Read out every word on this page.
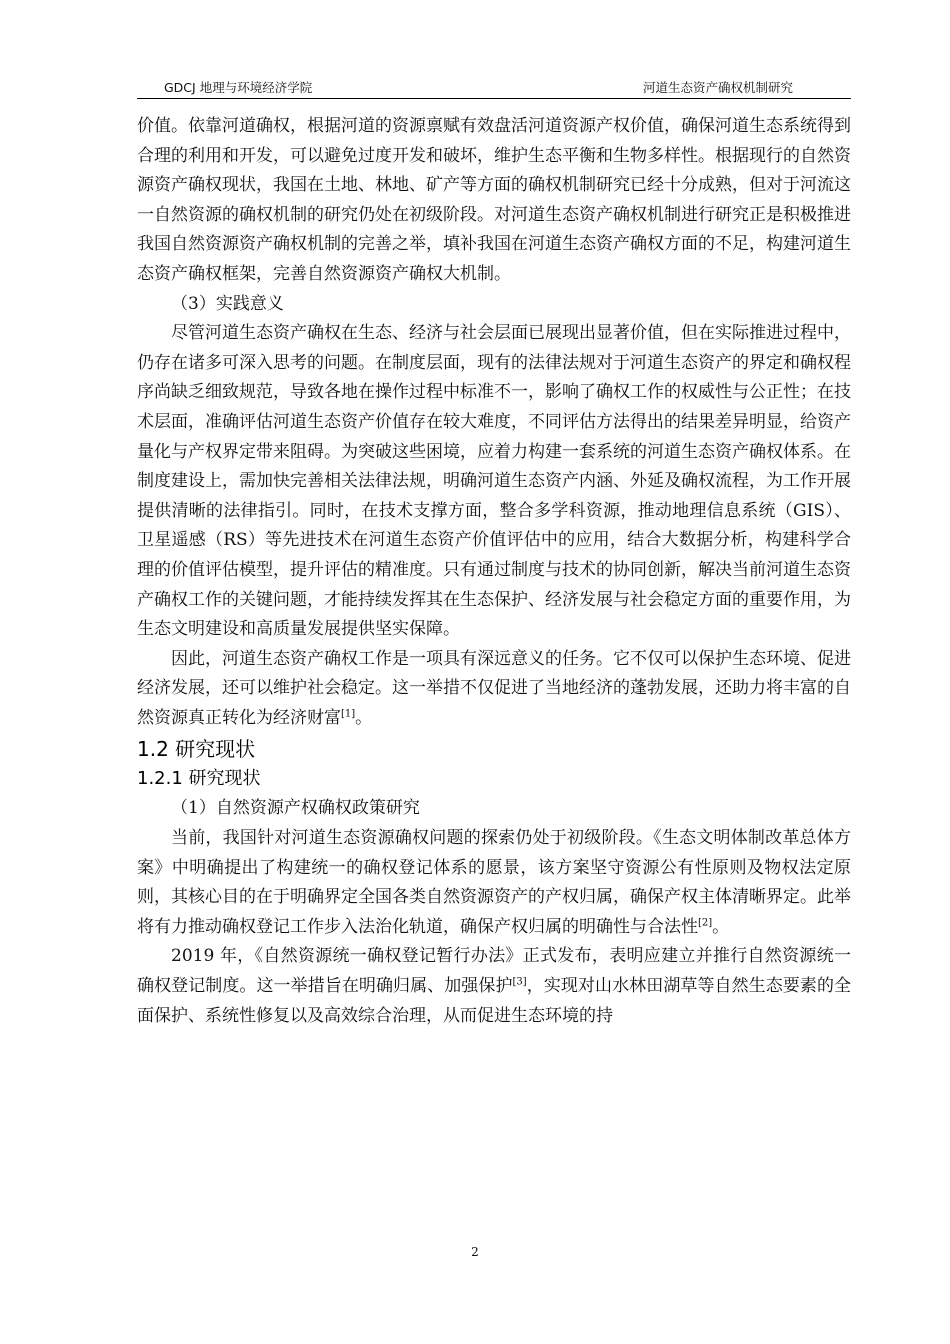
GDCJ 地理与环境经济学院	河道生态资产确权机制研究

价值。依靠河道确权，根据河道的资源禀赋有效盘活河道资源产权价值，确保河道生态系统得到合理的利用和开发，可以避免过度开发和破坏，维护生态平衡和生物多样性。根据现行的自然资源资产确权现状，我国在土地、林地、矿产等方面的确权机制研究已经十分成熟，但对于河流这一自然资源的确权机制的研究仍处在初级阶段。对河道生态资产确权机制进行研究正是积极推进我国自然资源资产确权机制的完善之举，填补我国在河道生态资产确权方面的不足，构建河道生态资产确权框架，完善自然资源资产确权大机制。

（3）实践意义

尽管河道生态资产确权在生态、经济与社会层面已展现出显著价值，但在实际推进过程中，仍存在诸多可深入思考的问题。在制度层面，现有的法律法规对于河道生态资产的界定和确权程序尚缺乏细致规范，导致各地在操作过程中标准不一，影响了确权工作的权威性与公正性；在技术层面，准确评估河道生态资产价值存在较大难度，不同评估方法得出的结果差异明显，给资产量化与产权界定带来阻碍。为突破这些困境，应着力构建一套系统的河道生态资产确权体系。在制度建设上，需加快完善相关法律法规，明确河道生态资产内涵、外延及确权流程，为工作开展提供清晰的法律指引。同时，在技术支撑方面，整合多学科资源，推动地理信息系统（GIS）、卫星遥感（RS）等先进技术在河道生态资产价值评估中的应用，结合大数据分析，构建科学合理的价值评估模型，提升评估的精准度。只有通过制度与技术的协同创新，解决当前河道生态资产确权工作的关键问题，才能持续发挥其在生态保护、经济发展与社会稳定方面的重要作用，为生态文明建设和高质量发展提供坚实保障。

因此，河道生态资产确权工作是一项具有深远意义的任务。它不仅可以保护生态环境、促进经济发展，还可以维护社会稳定。这一举措不仅促进了当地经济的蓬勃发展，还助力将丰富的自然资源真正转化为经济财富[1]。

1.2 研究现状
1.2.1 研究现状

（1）自然资源产权确权政策研究

当前，我国针对河道生态资源确权问题的探索仍处于初级阶段。《生态文明体制改革总体方案》中明确提出了构建统一的确权登记体系的愿景，该方案坚守资源公有性原则及物权法定原则，其核心目的在于明确界定全国各类自然资源资产的产权归属，确保产权主体清晰界定。此举将有力推动确权登记工作步入法治化轨道，确保产权归属的明确性与合法性[2]。

2019 年，《自然资源统一确权登记暂行办法》正式发布，表明应建立并推行自然资源统一确权登记制度。这一举措旨在明确归属、加强保护[3]，实现对山水林田湖草等自然生态要素的全面保护、系统性修复以及高效综合治理，从而促进生态环境的持

2
